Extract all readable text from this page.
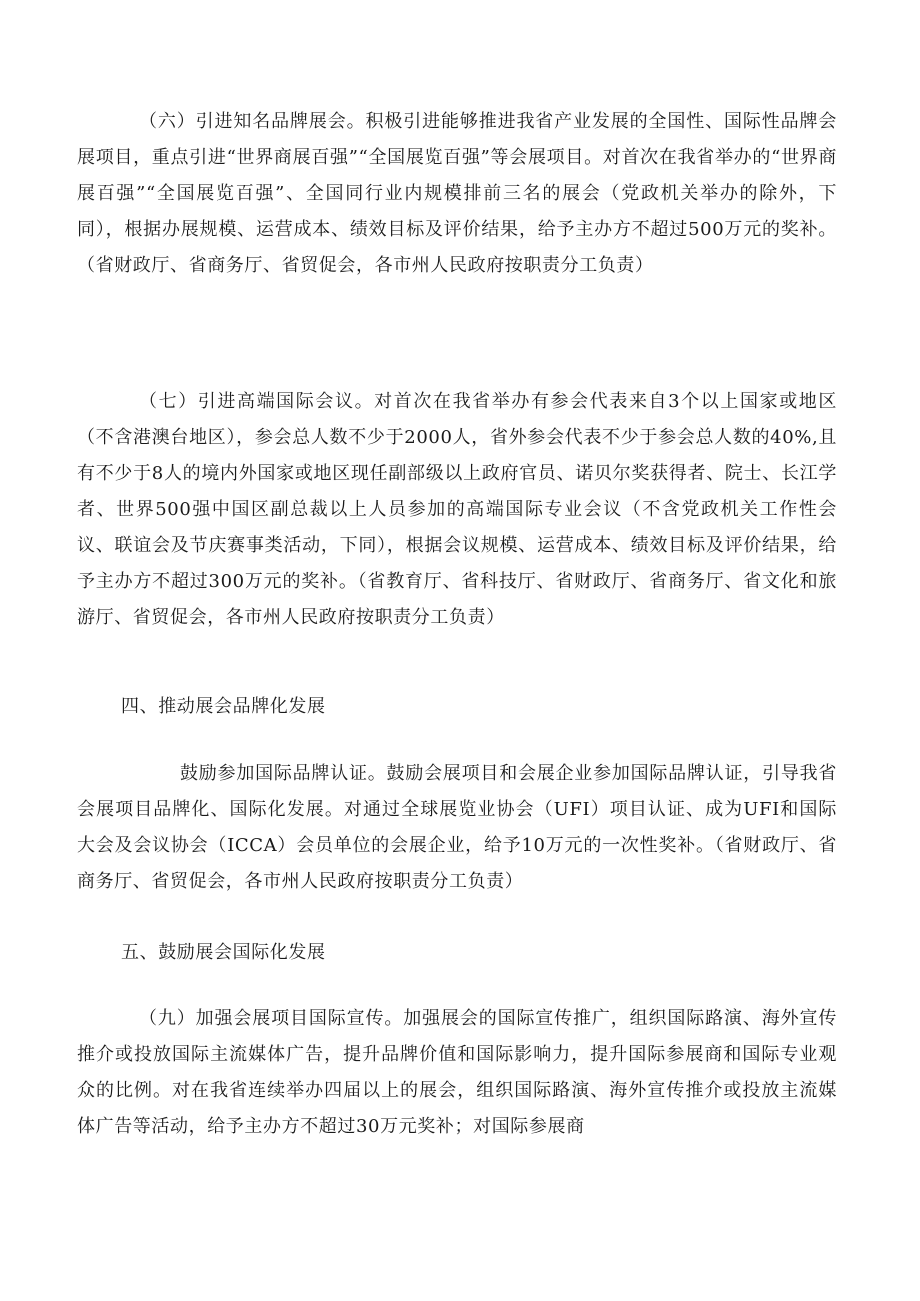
（六）引进知名品牌展会。积极引进能够推进我省产业发展的全国性、国际性品牌会展项目，重点引进“世界商展百强”“全国展览百强”等会展项目。对首次在我省举办的“世界商展百强”“全国展览百强”、全国同行业内规模排前三名的展会（党政机关举办的除外，下同），根据办展规模、运营成本、绩效目标及评价结果，给予主办方不超过500万元的奖补。（省财政厅、省商务厅、省贸促会，各市州人民政府按职责分工负责）

（七）引进高端国际会议。对首次在我省举办有参会代表来自3个以上国家或地区（不含港澳台地区），参会总人数不少于2000人，省外参会代表不少于参会总人数的40%,且有不少于8人的境内外国家或地区现任副部级以上政府官员、诺贝尔奖获得者、院士、长江学者、世界500强中国区副总裁以上人员参加的高端国际专业会议（不含党政机关工作性会议、联谊会及节庆赛事类活动，下同），根据会议规模、运营成本、绩效目标及评价结果，给予主办方不超过300万元的奖补。（省教育厅、省科技厅、省财政厅、省商务厅、省文化和旅游厅、省贸促会，各市州人民政府按职责分工负责）

四、推动展会品牌化发展

鼓励参加国际品牌认证。鼓励会展项目和会展企业参加国际品牌认证，引导我省会展项目品牌化、国际化发展。对通过全球展览业协会（UFI）项目认证、成为UFI和国际大会及会议协会（ICCA）会员单位的会展企业，给予10万元的一次性奖补。（省财政厅、省商务厅、省贸促会，各市州人民政府按职责分工负责）

五、鼓励展会国际化发展

（九）加强会展项目国际宣传。加强展会的国际宣传推广，组织国际路演、海外宣传推介或投放国际主流媒体广告，提升品牌价值和国际影响力，提升国际参展商和国际专业观众的比例。对在我省连续举办四届以上的展会，组织国际路演、海外宣传推介或投放主流媒体广告等活动，给予主办方不超过30万元奖补；对国际参展商
